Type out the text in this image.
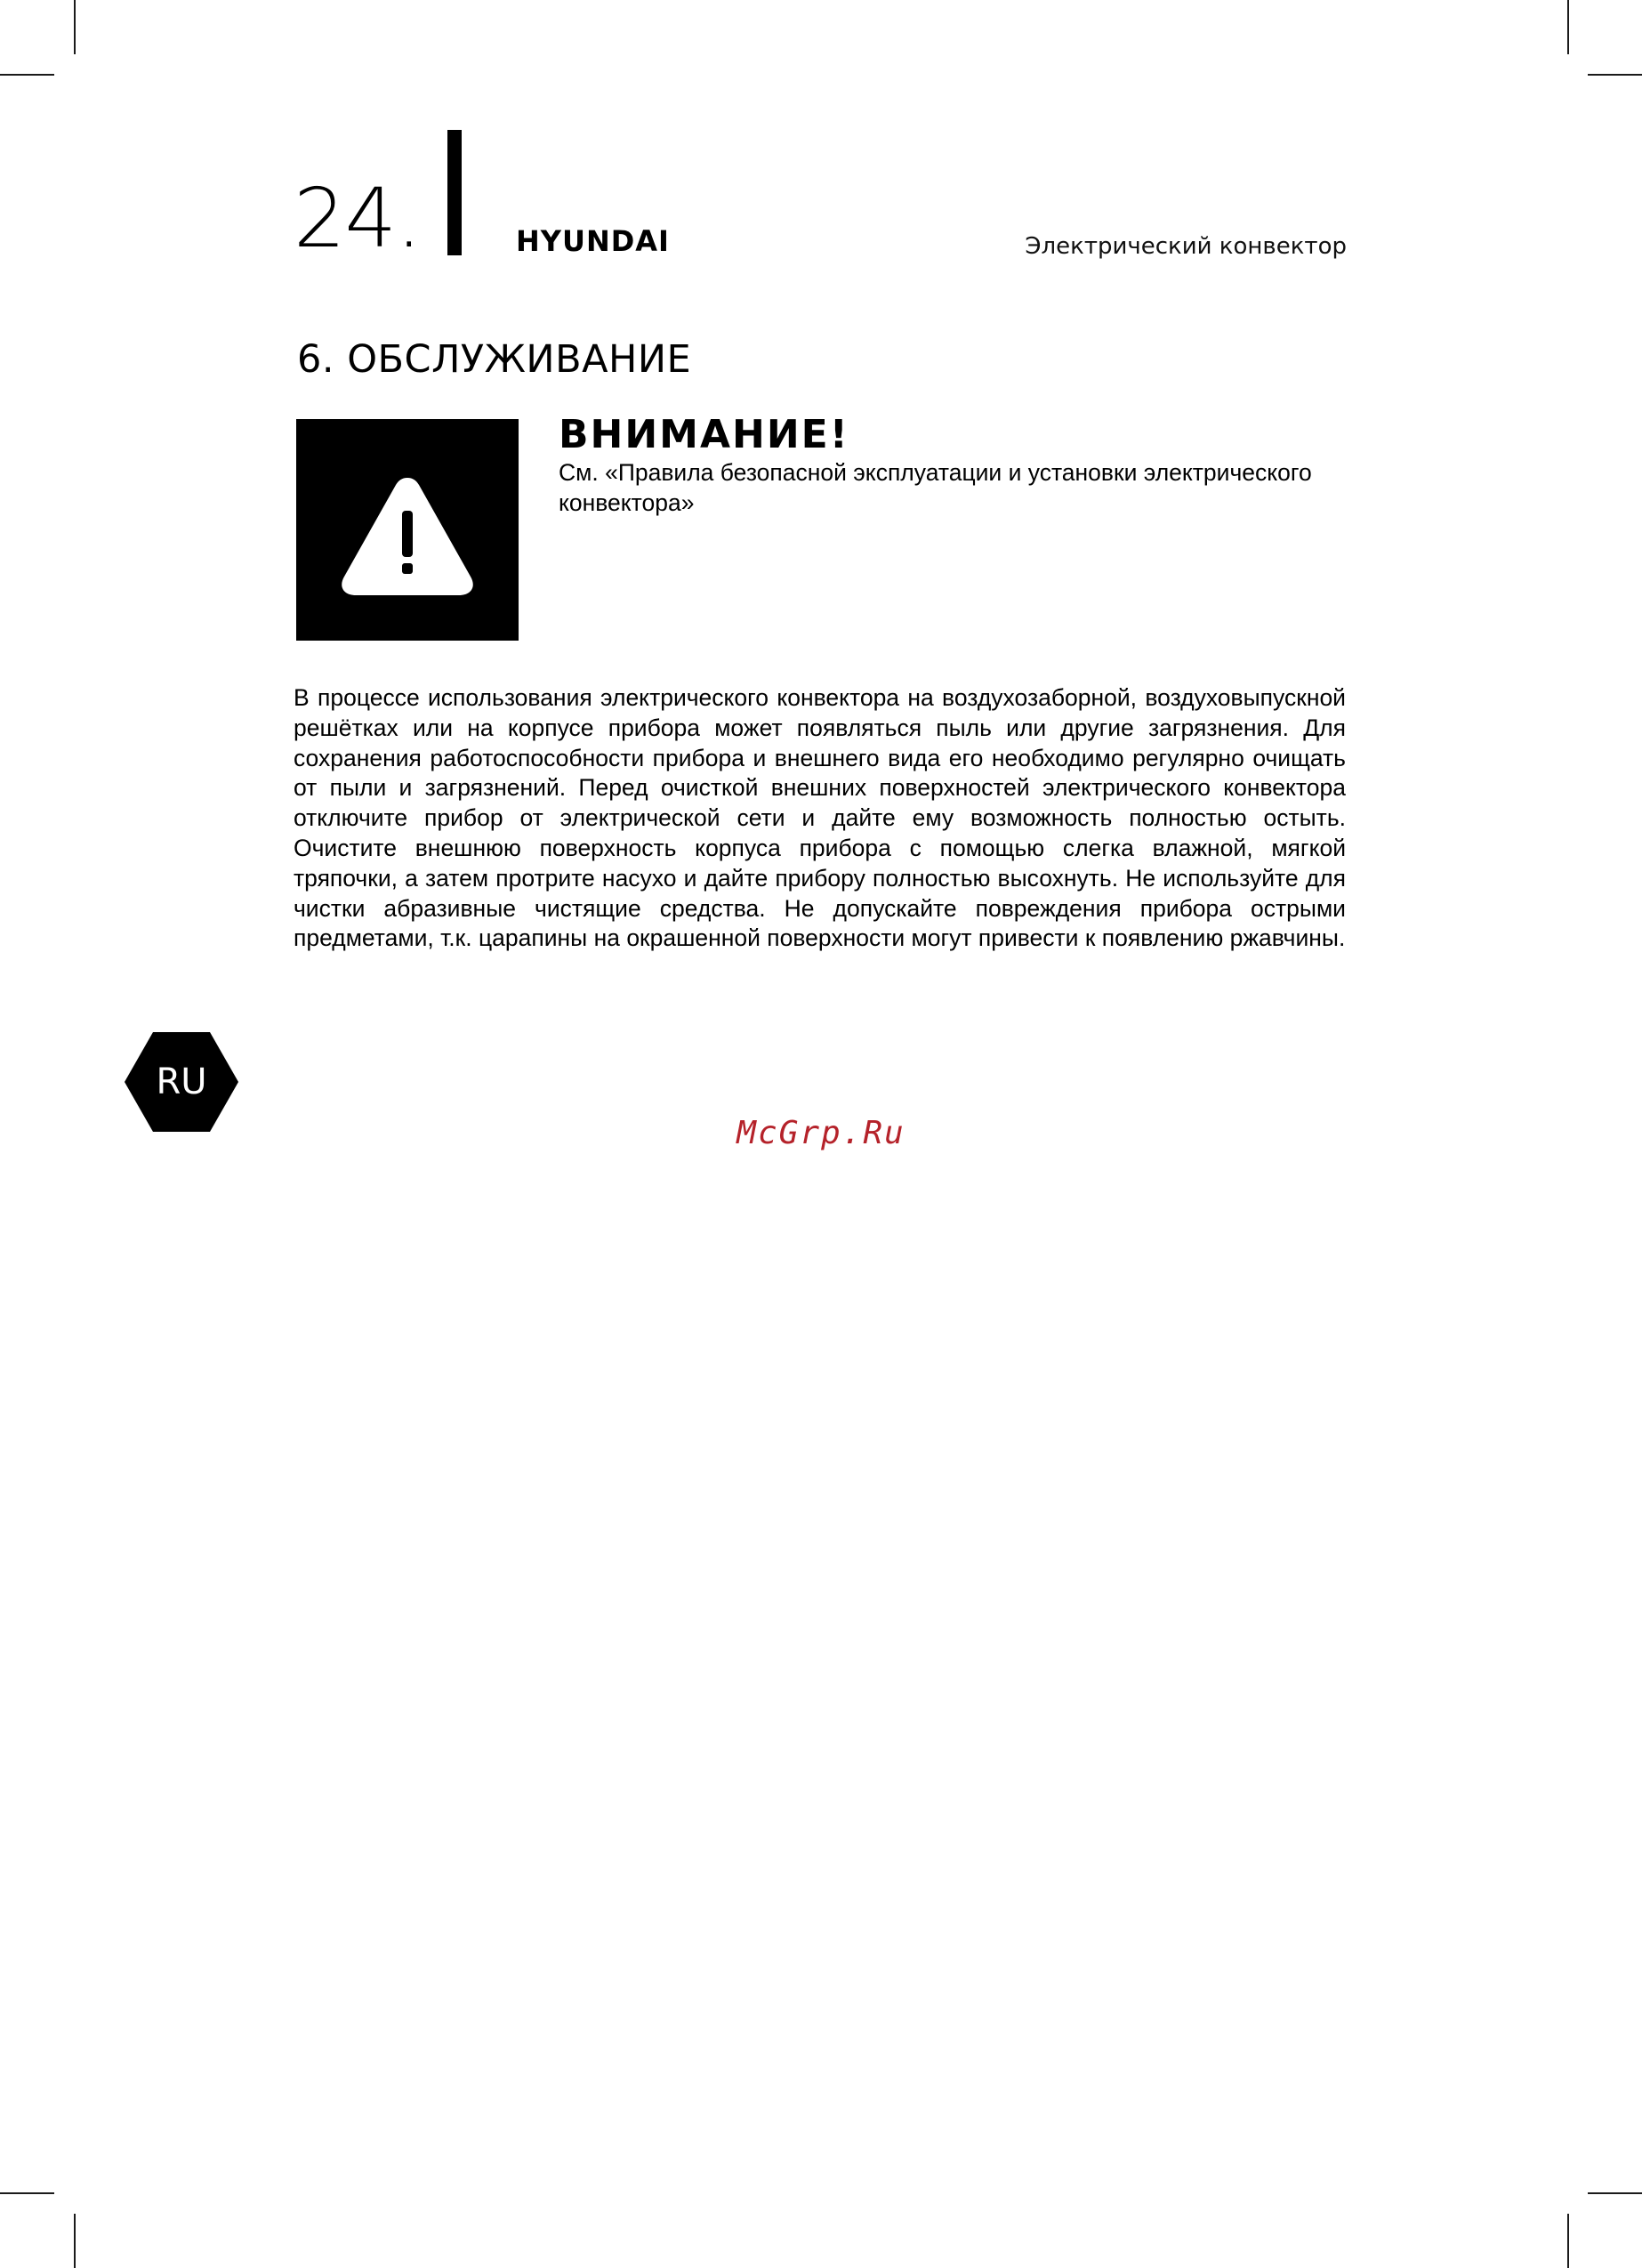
24.	HYUNDAI	Электрический конвектор
6. ОБСЛУЖИВАНИЕ
ВНИМАНИЕ!
См. «Правила безопасной эксплуатации и установки электрического конвектора»
В процессе использования электрического конвектора на воздухозаборной, воздуховыпускной решётках или на корпусе прибора может появляться пыль или другие загрязнения. Для сохранения работоспособности прибора и внешнего вида его необходимо регулярно очищать от пыли и загрязнений. Перед очисткой внешних поверхностей электрического конвектора отключите прибор от электрической сети и дайте ему возможность полностью остыть. Очистите внешнюю поверхность корпуса прибора с помощью слегка влажной, мягкой тряпочки, а затем протрите насухо и дайте прибору полностью высохнуть. Не используйте для чистки абразивные чистящие средства. Не допускайте повреждения прибора острыми предметами, т.к. царапины на окрашенной поверхности могут привести к появлению ржавчины.
RU
McGrp.Ru
